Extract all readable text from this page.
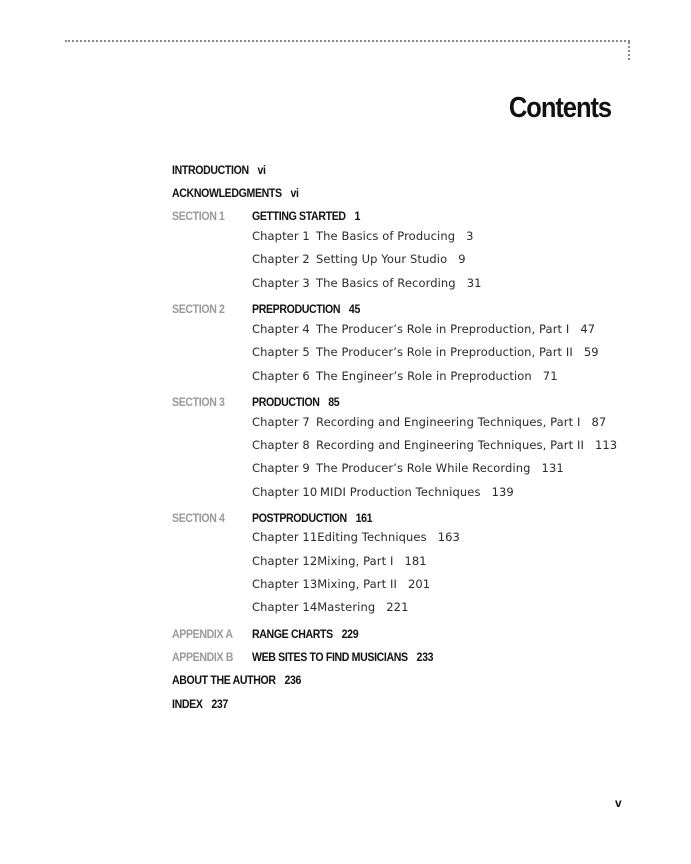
Contents
INTRODUCTION vi
ACKNOWLEDGMENTS vi
SECTION 1 GETTING STARTED 1
Chapter 1 The Basics of Producing 3
Chapter 2 Setting Up Your Studio 9
Chapter 3 The Basics of Recording 31
SECTION 2 PREPRODUCTION 45
Chapter 4 The Producer’s Role in Preproduction, Part I 47
Chapter 5 The Producer’s Role in Preproduction, Part II 59
Chapter 6 The Engineer’s Role in Preproduction 71
SECTION 3 PRODUCTION 85
Chapter 7 Recording and Engineering Techniques, Part I 87
Chapter 8 Recording and Engineering Techniques, Part II 113
Chapter 9 The Producer’s Role While Recording 131
Chapter 10 MIDI Production Techniques 139
SECTION 4 POSTPRODUCTION 161
Chapter 11Editing Techniques 163
Chapter 12Mixing, Part I 181
Chapter 13Mixing, Part II 201
Chapter 14Mastering 221
APPENDIX A RANGE CHARTS 229
APPENDIX B WEB SITES TO FIND MUSICIANS 233
ABOUT THE AUTHOR 236
INDEX 237
v
